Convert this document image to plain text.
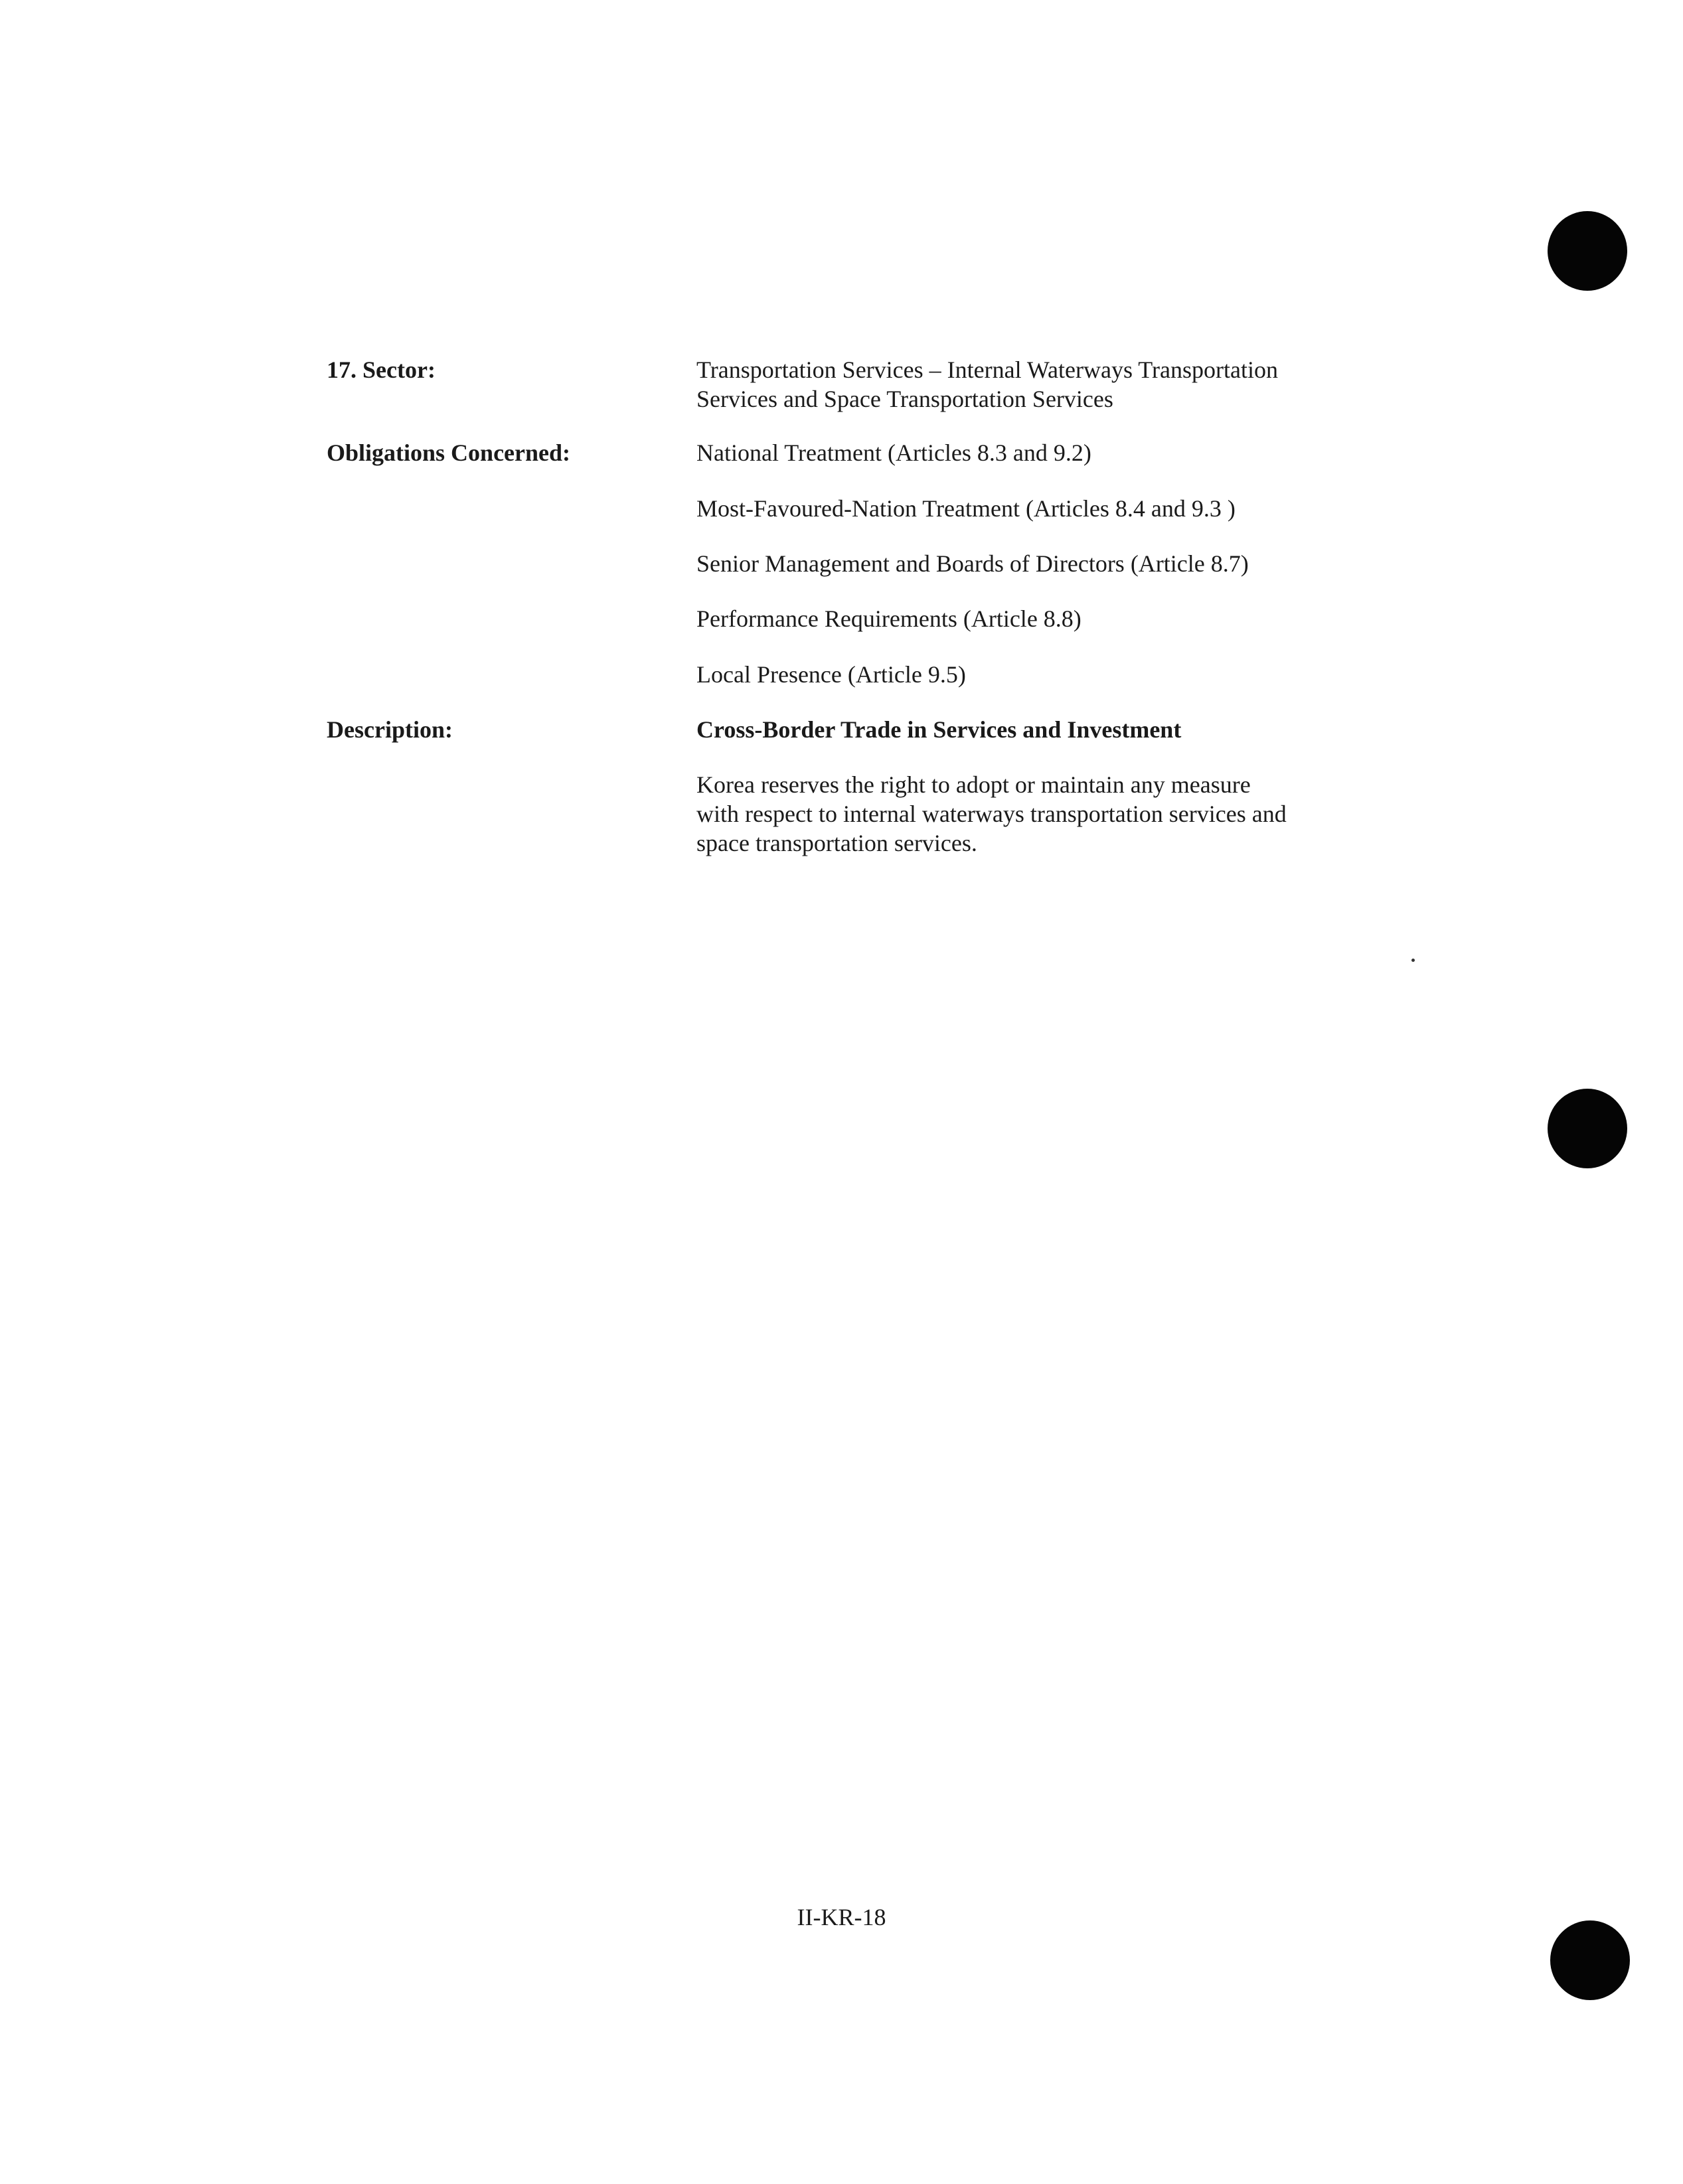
17. Sector:	Transportation Services – Internal Waterways Transportation
Services and Space Transportation Services
Obligations Concerned:	National Treatment (Articles 8.3 and 9.2)
Most-Favoured-Nation Treatment (Articles 8.4 and 9.3 )
Senior Management and Boards of Directors (Article 8.7)
Performance Requirements (Article 8.8)
Local Presence (Article 9.5)
Description:	Cross-Border Trade in Services and Investment
Korea reserves the right to adopt or maintain any measure
with respect to internal waterways transportation services and
space transportation services.
II-KR-18
